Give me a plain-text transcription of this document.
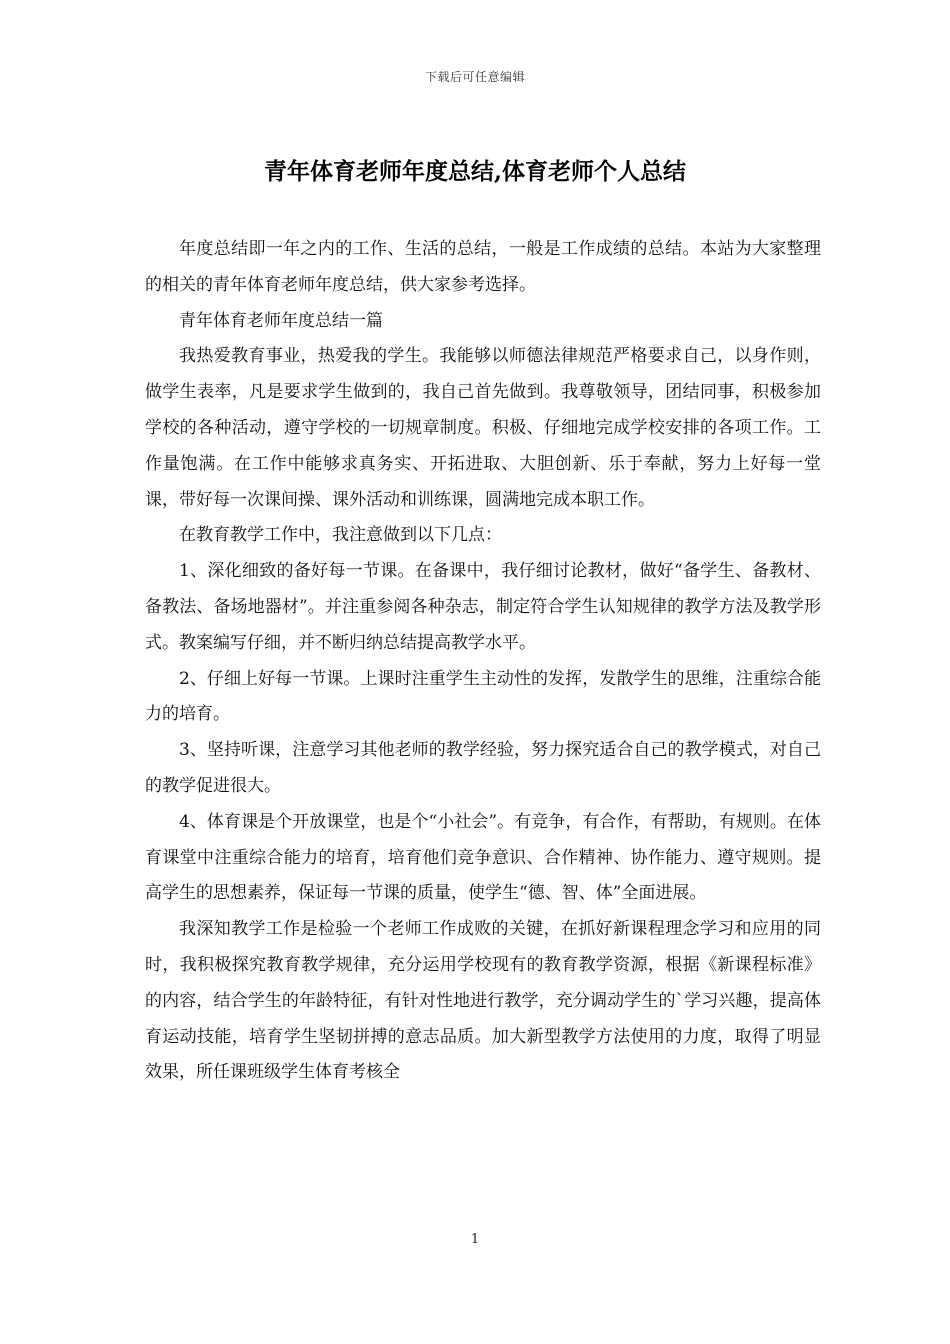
下载后可任意编辑
青年体育老师年度总结,体育老师个人总结

年度总结即一年之内的工作、生活的总结，一般是工作成绩的总结。本站为大家整理的相关的青年体育老师年度总结，供大家参考选择。

青年体育老师年度总结一篇

我热爱教育事业，热爱我的学生。我能够以师德法律规范严格要求自己，以身作则，做学生表率，凡是要求学生做到的，我自己首先做到。我尊敬领导，团结同事，积极参加学校的各种活动，遵守学校的一切规章制度。积极、仔细地完成学校安排的各项工作。工作量饱满。在工作中能够求真务实、开拓进取、大胆创新、乐于奉献，努力上好每一堂课，带好每一次课间操、课外活动和训练课，圆满地完成本职工作。

在教育教学工作中，我注意做到以下几点：

1、深化细致的备好每一节课。在备课中，我仔细讨论教材，做好“备学生、备教材、备教法、备场地器材”。并注重参阅各种杂志，制定符合学生认知规律的教学方法及教学形式。教案编写仔细，并不断归纳总结提高教学水平。

2、仔细上好每一节课。上课时注重学生主动性的发挥，发散学生的思维，注重综合能力的培育。

3、坚持听课，注意学习其他老师的教学经验，努力探究适合自己的教学模式，对自己的教学促进很大。

4、体育课是个开放课堂，也是个“小社会”。有竞争，有合作，有帮助，有规则。在体育课堂中注重综合能力的培育，培育他们竞争意识、合作精神、协作能力、遵守规则。提高学生的思想素养，保证每一节课的质量，使学生“德、智、体”全面进展。

我深知教学工作是检验一个老师工作成败的关键，在抓好新课程理念学习和应用的同时，我积极探究教育教学规律，充分运用学校现有的教育教学资源，根据《新课程标准》的内容，结合学生的年龄特征，有针对性地进行教学，充分调动学生的`学习兴趣，提高体育运动技能，培育学生坚韧拼搏的意志品质。加大新型教学方法使用的力度，取得了明显效果，所任课班级学生体育考核全

1
